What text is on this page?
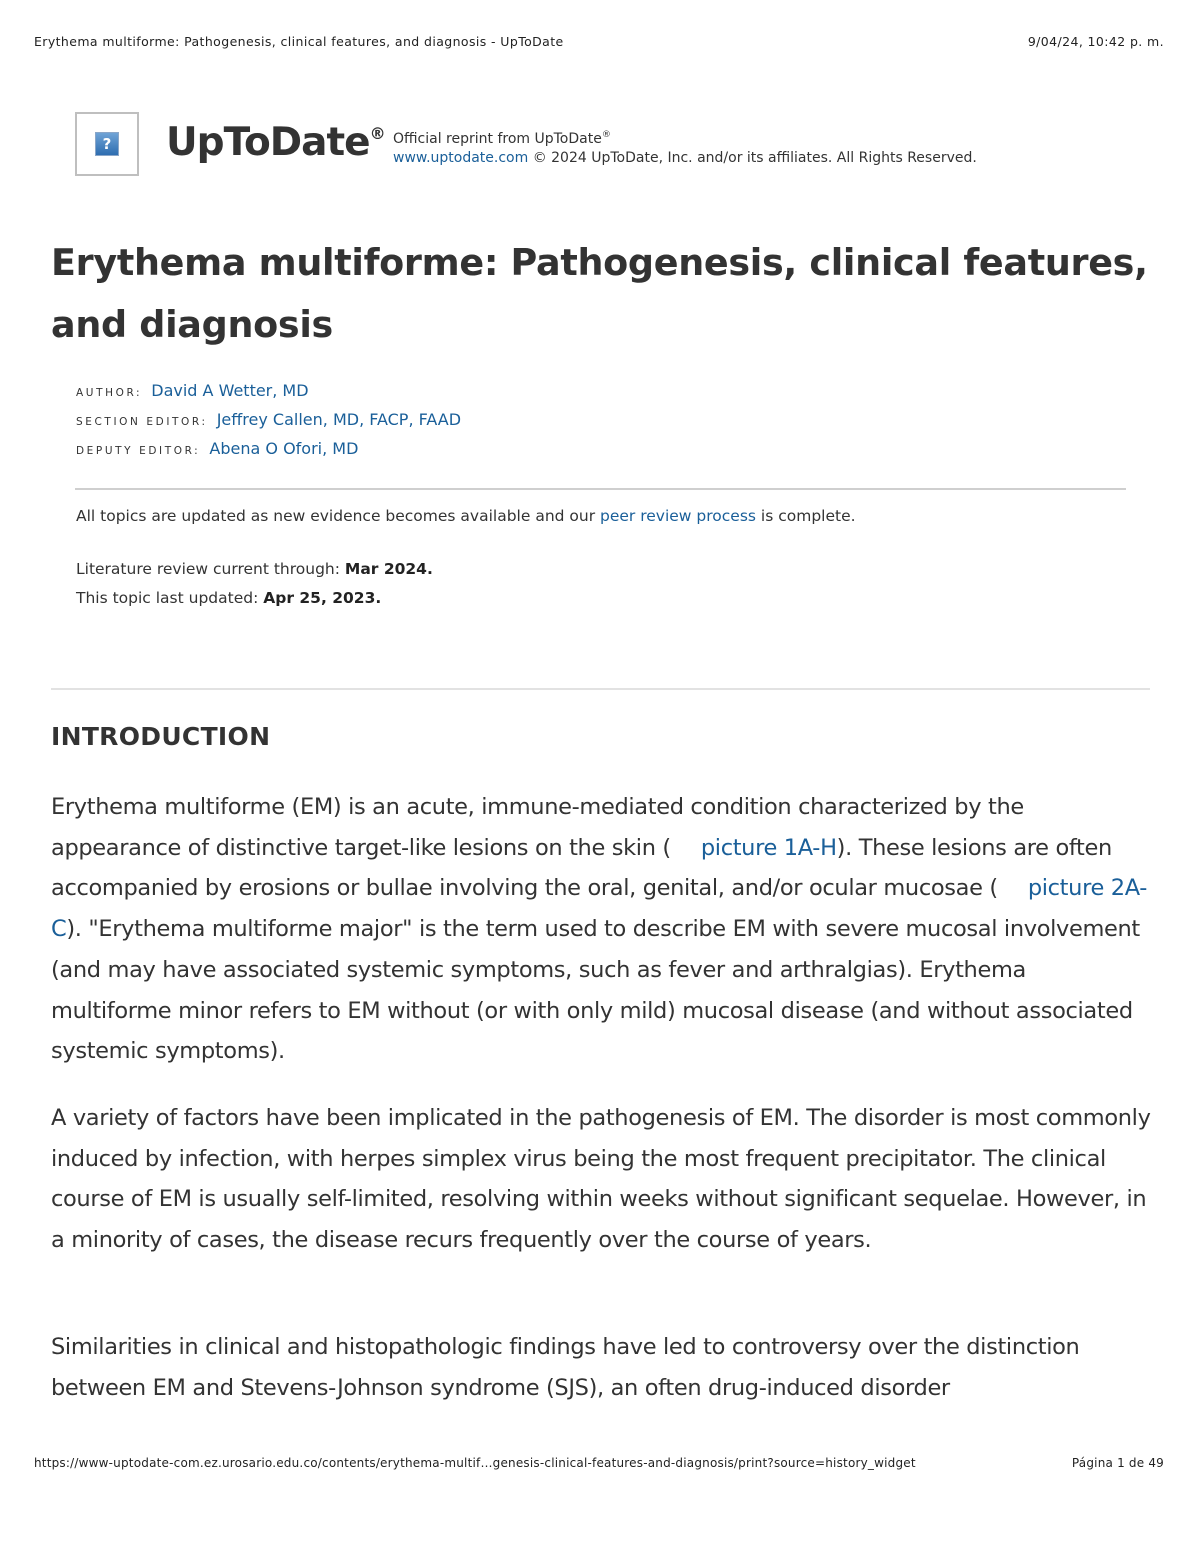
Erythema multiforme: Pathogenesis, clinical features, and diagnosis - UpToDate	9/04/24, 10:42 p. m.
? UpToDate® Official reprint from UpToDate®
www.uptodate.com © 2024 UpToDate, Inc. and/or its affiliates. All Rights Reserved.
Erythema multiforme: Pathogenesis, clinical features, and diagnosis
AUTHOR: David A Wetter, MD
SECTION EDITOR: Jeffrey Callen, MD, FACP, FAAD
DEPUTY EDITOR: Abena O Ofori, MD
All topics are updated as new evidence becomes available and our peer review process is complete.
Literature review current through: Mar 2024.
This topic last updated: Apr 25, 2023.
INTRODUCTION

Erythema multiforme (EM) is an acute, immune-mediated condition characterized by the appearance of distinctive target-like lesions on the skin ( picture 1A-H). These lesions are often accompanied by erosions or bullae involving the oral, genital, and/or ocular mucosae ( picture 2A-C). "Erythema multiforme major" is the term used to describe EM with severe mucosal involvement (and may have associated systemic symptoms, such as fever and arthralgias). Erythema multiforme minor refers to EM without (or with only mild) mucosal disease (and without associated systemic symptoms).

A variety of factors have been implicated in the pathogenesis of EM. The disorder is most commonly induced by infection, with herpes simplex virus being the most frequent precipitator. The clinical course of EM is usually self-limited, resolving within weeks without significant sequelae. However, in a minority of cases, the disease recurs frequently over the course of years.

Similarities in clinical and histopathologic findings have led to controversy over the distinction between EM and Stevens-Johnson syndrome (SJS), an often drug-induced disorder

https://www-uptodate-com.ez.urosario.edu.co/contents/erythema-multif…genesis-clinical-features-and-diagnosis/print?source=history_widget	Página 1 de 49
